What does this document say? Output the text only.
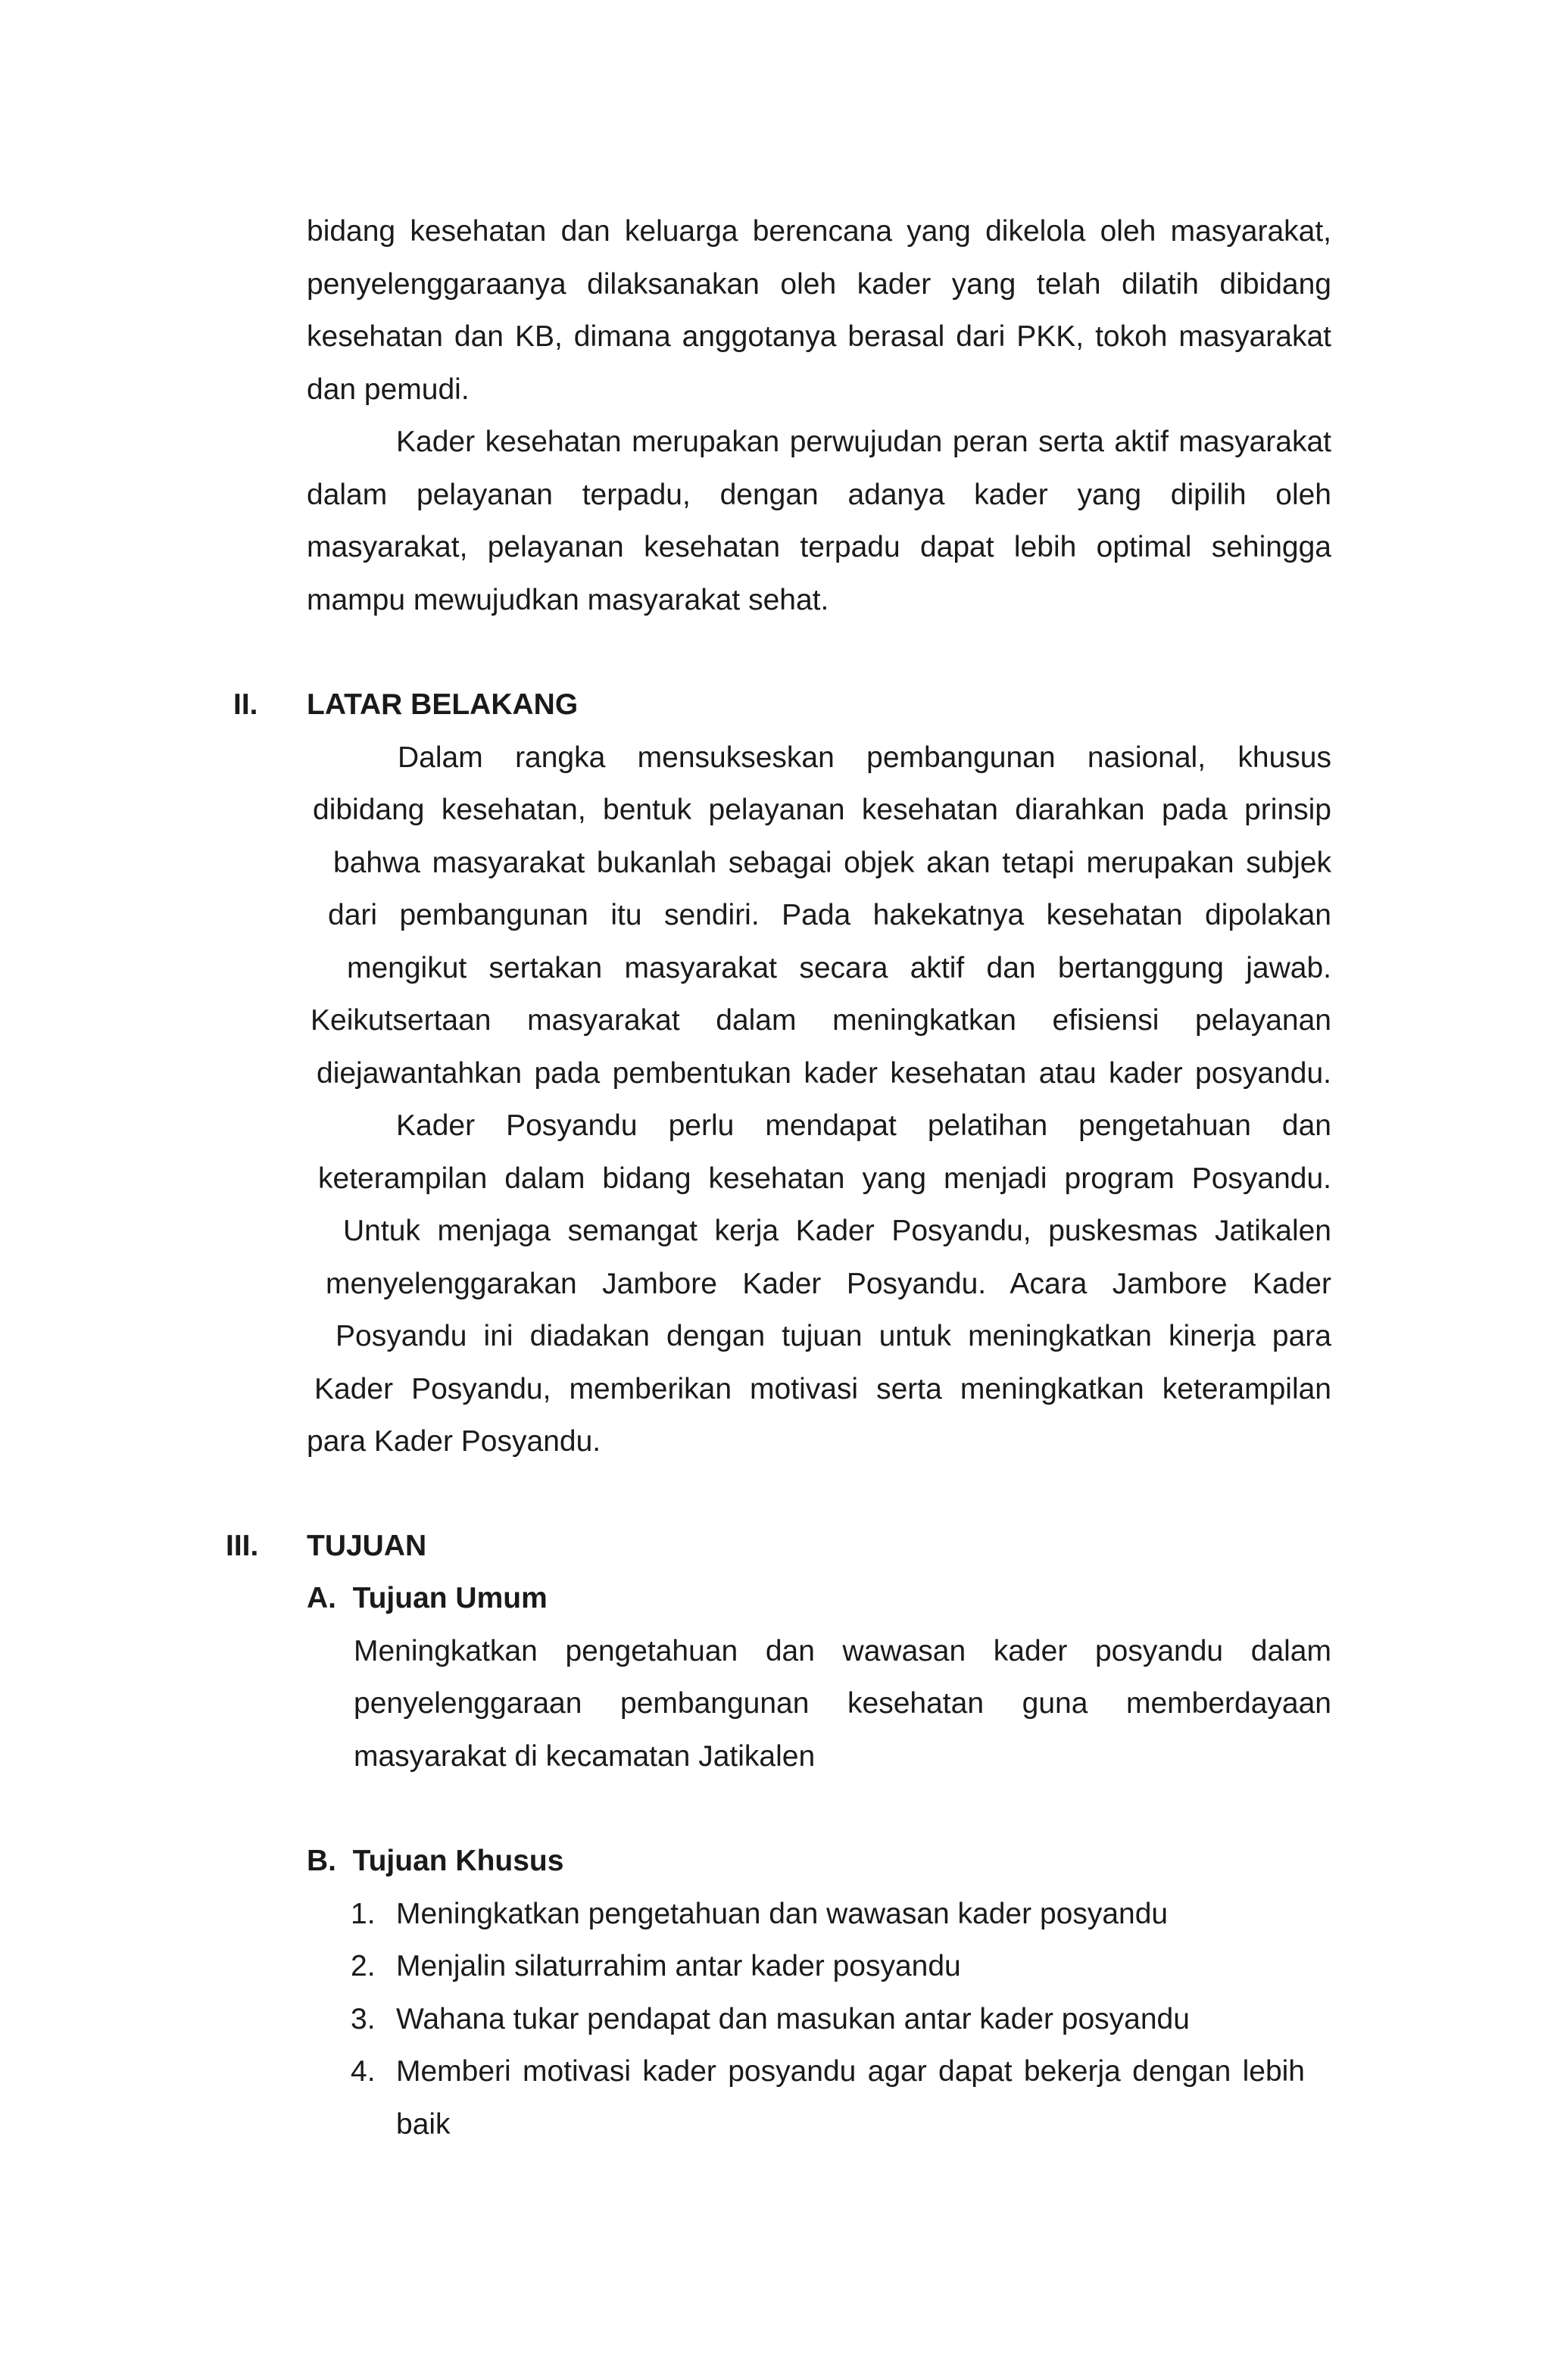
bidang kesehatan dan keluarga berencana yang dikelola oleh masyarakat,
penyelenggaraanya dilaksanakan oleh kader yang telah dilatih dibidang
kesehatan dan KB, dimana anggotanya berasal dari PKK, tokoh masyarakat
dan pemudi.
Kader kesehatan merupakan perwujudan peran serta aktif masyarakat
dalam pelayanan terpadu, dengan adanya kader yang dipilih oleh
masyarakat, pelayanan kesehatan terpadu dapat lebih optimal sehingga
mampu mewujudkan masyarakat sehat.
II. LATAR BELAKANG
Dalam rangka mensukseskan pembangunan nasional, khusus
dibidang kesehatan, bentuk pelayanan kesehatan diarahkan pada prinsip
bahwa masyarakat bukanlah sebagai objek akan tetapi merupakan subjek
dari pembangunan itu sendiri. Pada hakekatnya kesehatan dipolakan
mengikut sertakan masyarakat secara aktif dan bertanggung jawab.
Keikutsertaan masyarakat dalam meningkatkan efisiensi pelayanan
diejawantahkan pada pembentukan kader kesehatan atau kader posyandu.
Kader Posyandu perlu mendapat pelatihan pengetahuan dan
keterampilan dalam bidang kesehatan yang menjadi program Posyandu.
Untuk menjaga semangat kerja Kader Posyandu, puskesmas Jatikalen
menyelenggarakan Jambore Kader Posyandu. Acara Jambore Kader
Posyandu ini diadakan dengan tujuan untuk meningkatkan kinerja para
Kader Posyandu, memberikan motivasi serta meningkatkan keterampilan
para Kader Posyandu.
III. TUJUAN
A.  Tujuan Umum
Meningkatkan pengetahuan dan wawasan kader posyandu dalam
penyelenggaraan pembangunan kesehatan guna memberdayaan
masyarakat di kecamatan Jatikalen
B.  Tujuan Khusus
1. Meningkatkan pengetahuan dan wawasan kader posyandu
2. Menjalin silaturrahim antar kader posyandu
3. Wahana tukar pendapat dan masukan antar kader posyandu
4. Memberi motivasi kader posyandu agar dapat bekerja dengan lebih
baik
